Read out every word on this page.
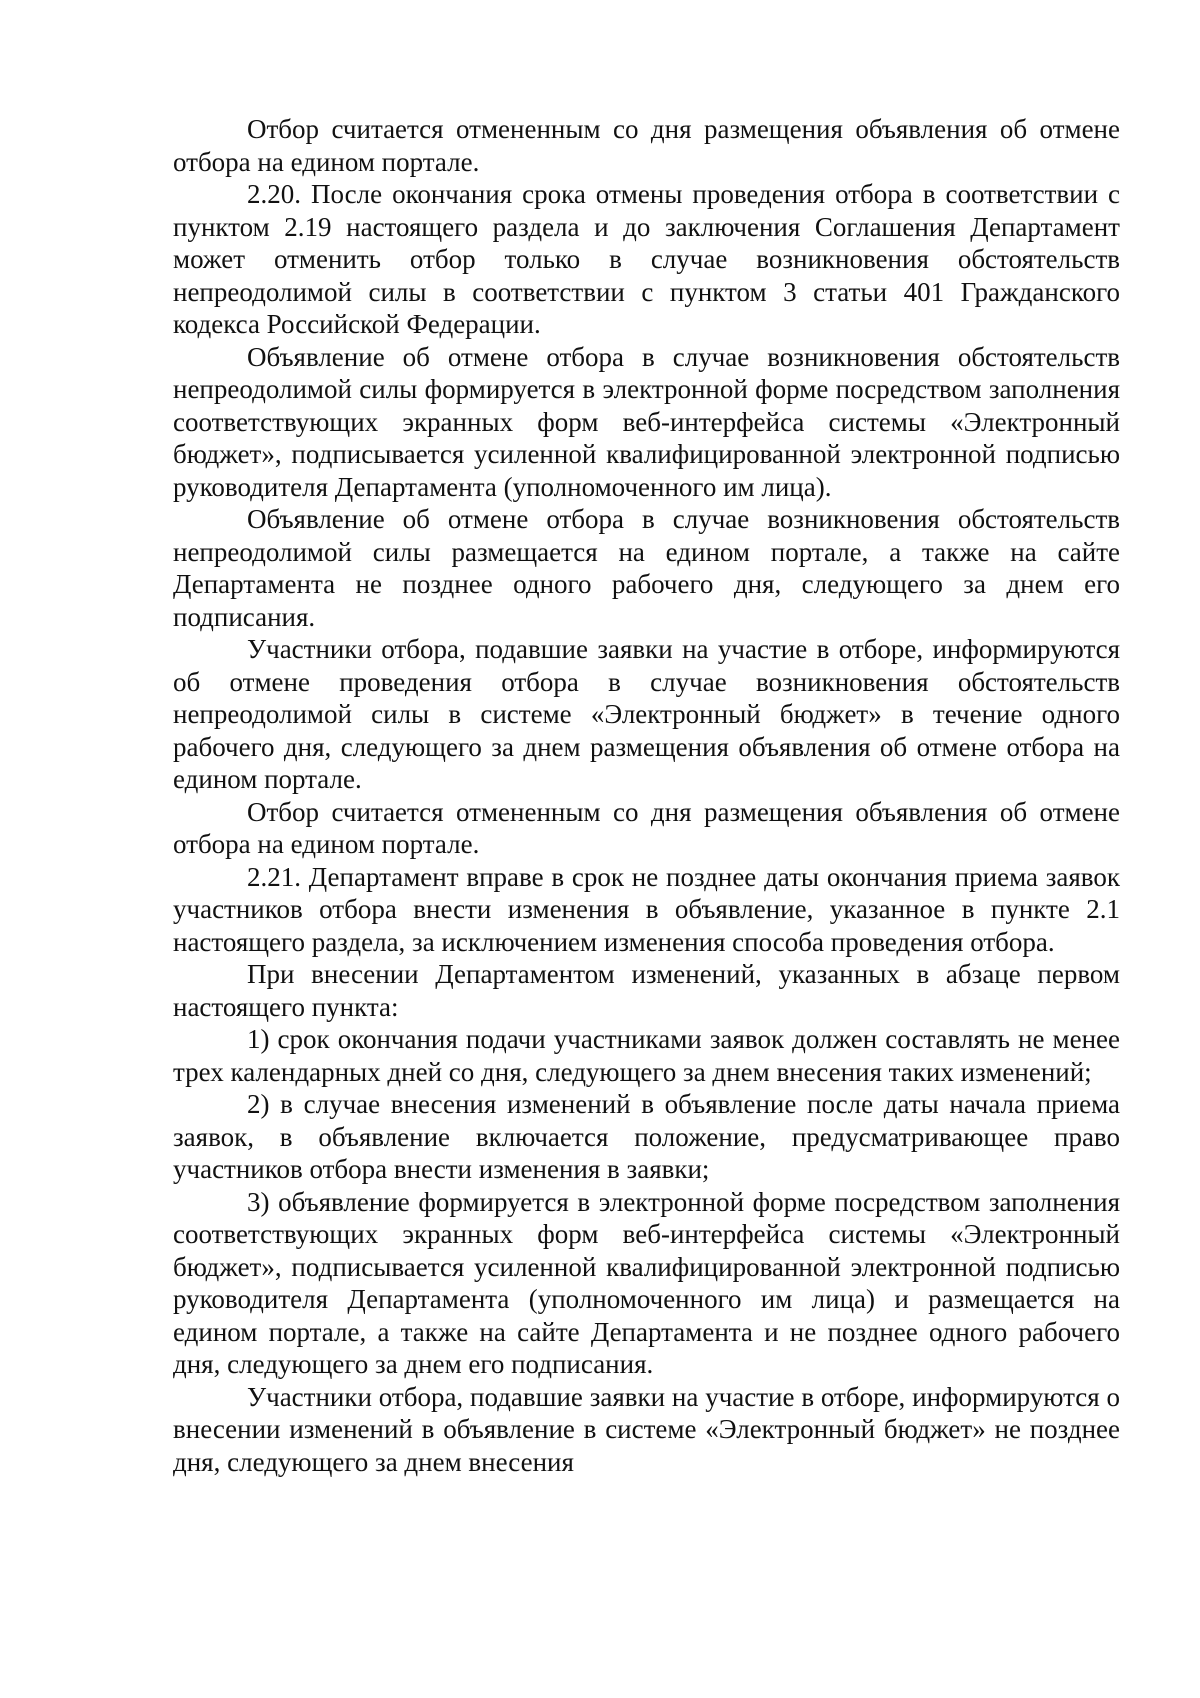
Отбор считается отмененным со дня размещения объявления об отмене отбора на едином портале.

2.20. После окончания срока отмены проведения отбора в соответствии с пунктом 2.19 настоящего раздела и до заключения Соглашения Департамент может отменить отбор только в случае возникновения обстоятельств непреодолимой силы в соответствии с пунктом 3 статьи 401 Гражданского кодекса Российской Федерации.

Объявление об отмене отбора в случае возникновения обстоятельств непреодолимой силы формируется в электронной форме посредством заполнения соответствующих экранных форм веб-интерфейса системы «Электронный бюджет», подписывается усиленной квалифицированной электронной подписью руководителя Департамента (уполномоченного им лица).

Объявление об отмене отбора в случае возникновения обстоятельств непреодолимой силы размещается на едином портале, а также на сайте Департамента не позднее одного рабочего дня, следующего за днем его подписания.

Участники отбора, подавшие заявки на участие в отборе, информируются об отмене проведения отбора в случае возникновения обстоятельств непреодолимой силы в системе «Электронный бюджет» в течение одного рабочего дня, следующего за днем размещения объявления об отмене отбора на едином портале.

Отбор считается отмененным со дня размещения объявления об отмене отбора на едином портале.

2.21. Департамент вправе в срок не позднее даты окончания приема заявок участников отбора внести изменения в объявление, указанное в пункте 2.1 настоящего раздела, за исключением изменения способа проведения отбора.

При внесении Департаментом изменений, указанных в абзаце первом настоящего пункта:

1) срок окончания подачи участниками заявок должен составлять не менее трех календарных дней со дня, следующего за днем внесения таких изменений;

2) в случае внесения изменений в объявление после даты начала приема заявок, в объявление включается положение, предусматривающее право участников отбора внести изменения в заявки;

3) объявление формируется в электронной форме посредством заполнения соответствующих экранных форм веб-интерфейса системы «Электронный бюджет», подписывается усиленной квалифицированной электронной подписью руководителя Департамента (уполномоченного им лица) и размещается на едином портале, а также на сайте Департамента и не позднее одного рабочего дня, следующего за днем его подписания.

Участники отбора, подавшие заявки на участие в отборе, информируются о внесении изменений в объявление в системе «Электронный бюджет» не позднее дня, следующего за днем внесения
